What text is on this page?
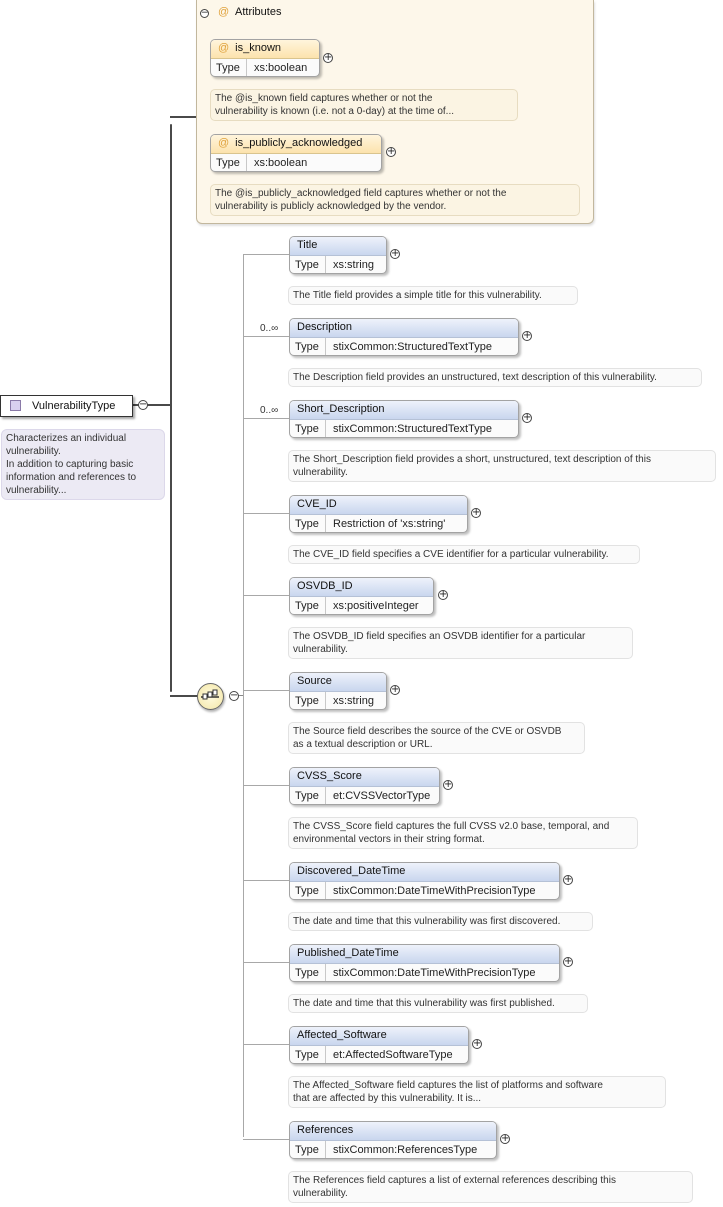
VulnerabilityType	−
Characterizes an individual
vulnerability.
In addition to capturing basic
information and references to
vulnerability...
− @ Attributes
@ is_known
Type	xs:boolean
+
The @is_known field captures whether or not the
vulnerability is known (i.e. not a 0-day) at the time of...
@ is_publicly_acknowledged
Type	xs:boolean
+
The @is_publicly_acknowledged field captures whether or not the
vulnerability is publicly acknowledged by the vendor.
−
Title
Type	xs:string
+
The Title field provides a simple title for this vulnerability.
0..∞	Description
Type	stixCommon:StructuredTextType
+
The Description field provides an unstructured, text description of this vulnerability.
0..∞	Short_Description
Type	stixCommon:StructuredTextType
+
The Short_Description field provides a short, unstructured, text description of this
vulnerability.
CVE_ID
Type	Restriction of 'xs:string'
+
The CVE_ID field specifies a CVE identifier for a particular vulnerability.
OSVDB_ID
Type	xs:positiveInteger
+
The OSVDB_ID field specifies an OSVDB identifier for a particular
vulnerability.
Source
Type	xs:string
+
The Source field describes the source of the CVE or OSVDB
as a textual description or URL.
CVSS_Score
Type	et:CVSSVectorType
+
The CVSS_Score field captures the full CVSS v2.0 base, temporal, and
environmental vectors in their string format.
Discovered_DateTime
Type	stixCommon:DateTimeWithPrecisionType
+
The date and time that this vulnerability was first discovered.
Published_DateTime
Type	stixCommon:DateTimeWithPrecisionType
+
The date and time that this vulnerability was first published.
Affected_Software
Type	et:AffectedSoftwareType
+
The Affected_Software field captures the list of platforms and software
that are affected by this vulnerability. It is...
References
Type	stixCommon:ReferencesType
+
The References field captures a list of external references describing this
vulnerability.
